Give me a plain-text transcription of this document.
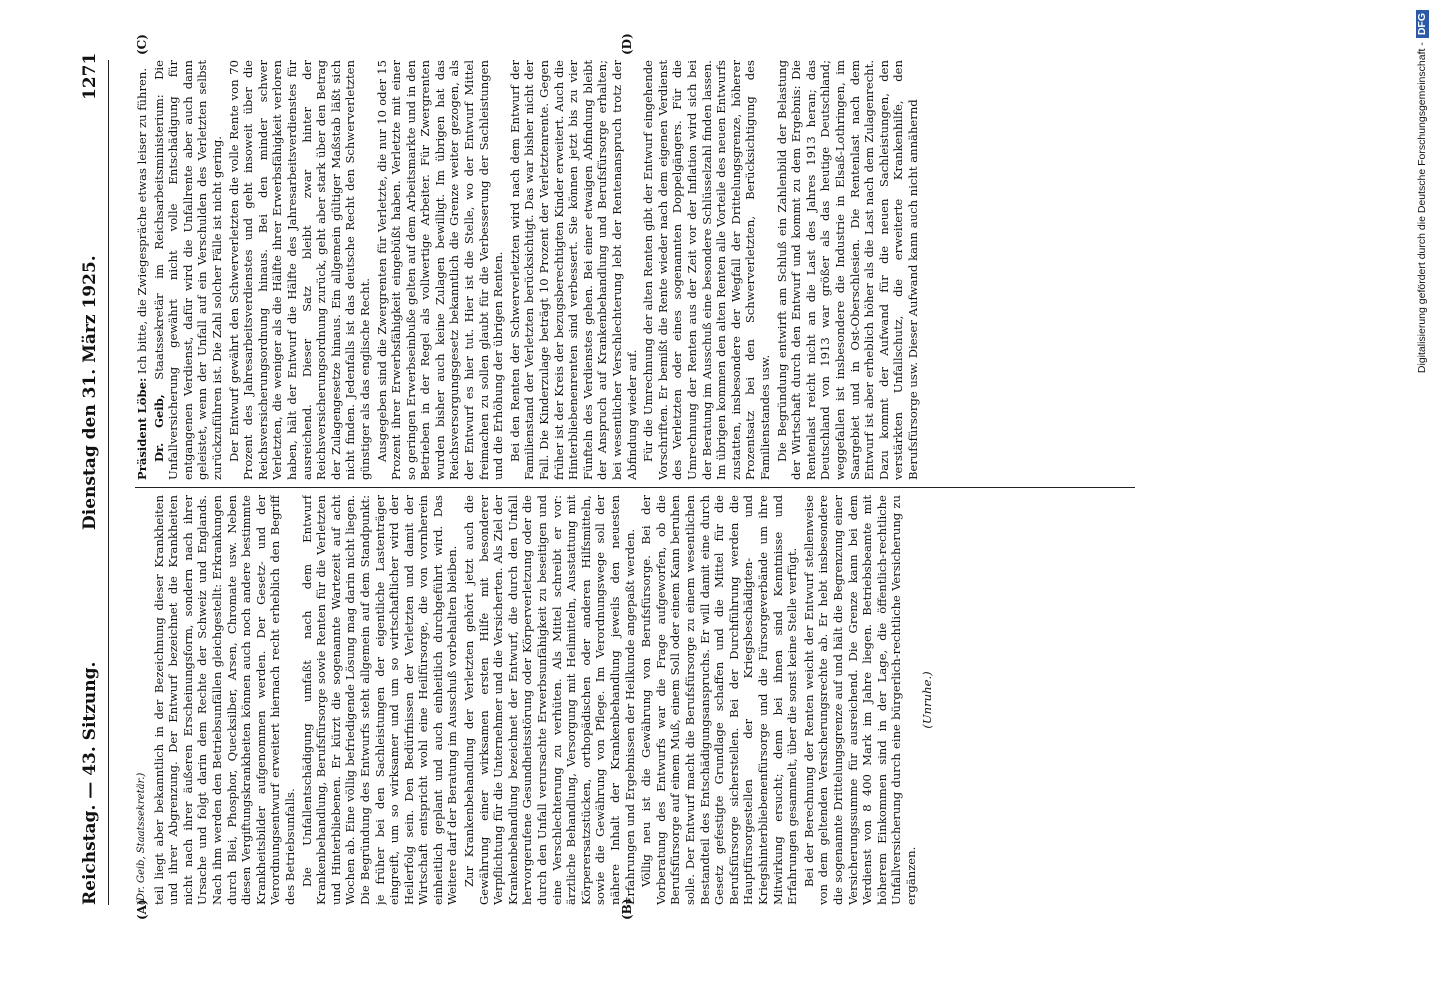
Reichstag. — 43. Sitzung.
Dienstag den 31. März 1925.
1271
(A)	(B)
(C)	(D)

(Dr. Geib, Staatssekretär.) teil liegt aber bekanntlich in der Bezeichnung dieser Krankheiten und ihrer Abgrenzung. Der Entwurf bezeichnet die Krankheiten nicht nach ihrer äußeren Erscheinungsform, sondern nach ihrer Ursache und folgt darin dem Rechte der Schweiz und Englands. Nach ihm werden den Betriebsunfällen gleichgestellt: Erkrankungen durch Blei, Phosphor, Quecksilber, Arsen, Chromate usw. Neben diesen Vergiftungskrankheiten können auch noch andere bestimmte Krankheitsbilder aufgenommen werden. Der Gesetz- und der Verordnungsentwurf erweitert hiernach recht erheblich den Begriff des Betriebsunfalls. Die Unfallentschädigung umfaßt nach dem Entwurf Krankenbehandlung, Berufsfürsorge sowie Renten für die Verletzten und Hinterbliebenen. Er kürzt die sogenannte Wartezeit auf acht Wochen ab. Eine völlig befriedigende Lösung mag darin nicht liegen. Die Begründung des Entwurfs steht allgemein auf dem Standpunkt: je früher bei den Sachleistungen der eigentliche Lastenträger eingreift, um so wirksamer und um so wirtschaftlicher wird der Heilerfolg sein. Den Bedürfnissen der Verletzten und damit der Wirtschaft entspricht wohl eine Heilfürsorge, die von vornherein einheitlich geplant und auch einheitlich durchgeführt wird. Das Weitere darf der Beratung im Ausschuß vorbehalten bleiben. Zur Krankenbehandlung der Verletzten gehört jetzt auch die Gewährung einer wirksamen ersten Hilfe mit besonderer Verpflichtung für die Unternehmer und die Versicherten. Als Ziel der Krankenbehandlung bezeichnet der Entwurf, die durch den Unfall hervorgerufene Gesundheitsstörung oder Körperverletzung oder die durch den Unfall verursachte Erwerbsunfähigkeit zu beseitigen und eine Verschlechterung zu verhüten. Als Mittel schreibt er vor: ärztliche Behandlung, Versorgung mit Heilmitteln, Ausstattung mit Körperersatzstücken, orthopädischen oder anderen Hilfsmitteln, sowie die Gewährung von Pflege. Im Verordnungswege soll der nähere Inhalt der Krankenbehandlung jeweils den neuesten Erfahrungen und Ergebnissen der Heilkunde angepaßt werden. Völlig neu ist die Gewährung von Berufsfürsorge. Bei der Vorberatung des Entwurfs war die Frage aufgeworfen, ob die Berufsfürsorge auf einem Muß, einem Soll oder einem Kann beruhen solle. Der Entwurf macht die Berufsfürsorge zu einem wesentlichen Bestandteil des Entschädigungsanspruchs. Er will damit eine durch Gesetz gefestigte Grundlage schaffen und die Mittel für die Berufsfürsorge sicherstellen. Bei der Durchführung werden die Hauptfürsorgestellen der Kriegsbeschädigten- und Kriegshinterbliebenenfürsorge und die Fürsorgeverbände um ihre Mitwirkung ersucht; denn bei ihnen sind Kenntnisse und Erfahrungen gesammelt, über die sonst keine Stelle verfügt. Bei der Berechnung der Renten weicht der Entwurf stellenweise von dem geltenden Versicherungsrechte ab. Er hebt insbesondere die sogenannte Drittelungsgrenze auf und hält die Begrenzung einer Versicherungssumme für ausreichend. Die Grenze kann bei dem Verdienst von 8 400 Mark im Jahre liegen. Betriebsbeamte mit höherem Einkommen sind in der Lage, die öffentlich-rechtliche Unfallversicherung durch eine bürgerlich-rechtliche Versicherung zu ergänzen.

(Unruhe.)

Präsident Löbe: Ich bitte, die Zwiegespräche etwas leiser zu führen.

Dr. Geib, Staatssekretär im Reichsarbeitsministerium: Die Unfallversicherung gewährt nicht volle Entschädigung für entgangenen Verdienst, dafür wird die Unfallrente aber auch dann geleistet, wenn der Unfall auf ein Verschulden des Verletzten selbst zurückzuführen ist. Die Zahl solcher Fälle ist nicht gering. Der Entwurf gewährt den Schwerverletzten die volle Rente von 70 Prozent des Jahresarbeitsverdienstes und geht insoweit über die Reichsversicherungsordnung hinaus. Bei den minder schwer Verletzten, die weniger als die Hälfte ihrer Erwerbsfähigkeit verloren haben, hält der Entwurf die Hälfte des Jahresarbeitsverdienstes für ausreichend. Dieser Satz bleibt zwar hinter der Reichsversicherungsordnung zurück, geht aber stark über den Betrag der Zulagengesetze hinaus. Ein allgemein gültiger Maßstab läßt sich nicht finden. Jedenfalls ist das deutsche Recht den Schwerverletzten günstiger als das englische Recht. Ausgegeben sind die Zwergrenten für Verletzte, die nur 10 oder 15 Prozent ihrer Erwerbsfähigkeit eingebüßt haben. Verletzte mit einer so geringen Erwerbseinbuße gelten auf dem Arbeitsmarkte und in den Betrieben in der Regel als vollwertige Arbeiter. Für Zwergrenten wurden bisher auch keine Zulagen bewilligt. Im übrigen hat das Reichsversorgungsgesetz bekanntlich die Grenze weiter gezogen, als der Entwurf es hier tut. Hier ist die Stelle, wo der Entwurf Mittel freimachen zu sollen glaubt für die Verbesserung der Sachleistungen und die Erhöhung der übrigen Renten. Bei den Renten der Schwerverletzten wird nach dem Entwurf der Familienstand der Verletzten berücksichtigt. Das war bisher nicht der Fall. Die Kinderzulage beträgt 10 Prozent der Verletztenrente. Gegen früher ist der Kreis der bezugsberechtigten Kinder erweitert. Auch die Hinterbliebenenrenten sind verbessert. Sie können jetzt bis zu vier Fünfteln des Verdienstes gehen. Bei einer etwaigen Abfindung bleibt der Anspruch auf Krankenbehandlung und Berufsfürsorge erhalten; bei wesentlicher Verschlechterung lebt der Rentenanspruch trotz der Abfindung wieder auf. Für die Umrechnung der alten Renten gibt der Entwurf eingehende Vorschriften. Er bemißt die Rente wieder nach dem eigenen Verdienst des Verletzten oder eines sogenannten Doppelgängers. Für die Umrechnung der Renten aus der Zeit vor der Inflation wird sich bei der Beratung im Ausschuß eine besondere Schlüsselzahl finden lassen. Im übrigen kommen den alten Renten alle Vorteile des neuen Entwurfs zustatten, insbesondere der Wegfall der Drittelungsgrenze, höherer Prozentsatz bei den Schwerverletzten, Berücksichtigung des Familienstandes usw. Die Begründung entwirft am Schluß ein Zahlenbild der Belastung der Wirtschaft durch den Entwurf und kommt zu dem Ergebnis: Die Rentenlast reicht nicht an die Last des Jahres 1913 heran; das Deutschland von 1913 war größer als das heutige Deutschland; weggefallen ist insbesondere die Industrie in Elsaß-Lothringen, im Saargebiet und in Ost-Oberschlesien. Die Rentenlast nach dem Entwurf ist aber erheblich höher als die Last nach dem Zulagenrecht. Dazu kommt der Aufwand für die neuen Sachleistungen, den verstärkten Unfallschutz, die erweiterte Krankenhilfe, den Berufsfürsorge usw. Dieser Aufwand kann auch nicht annähernd	Digitalisierung gefördert durch die Deutsche Forschungsgemeinschaft -DFG
